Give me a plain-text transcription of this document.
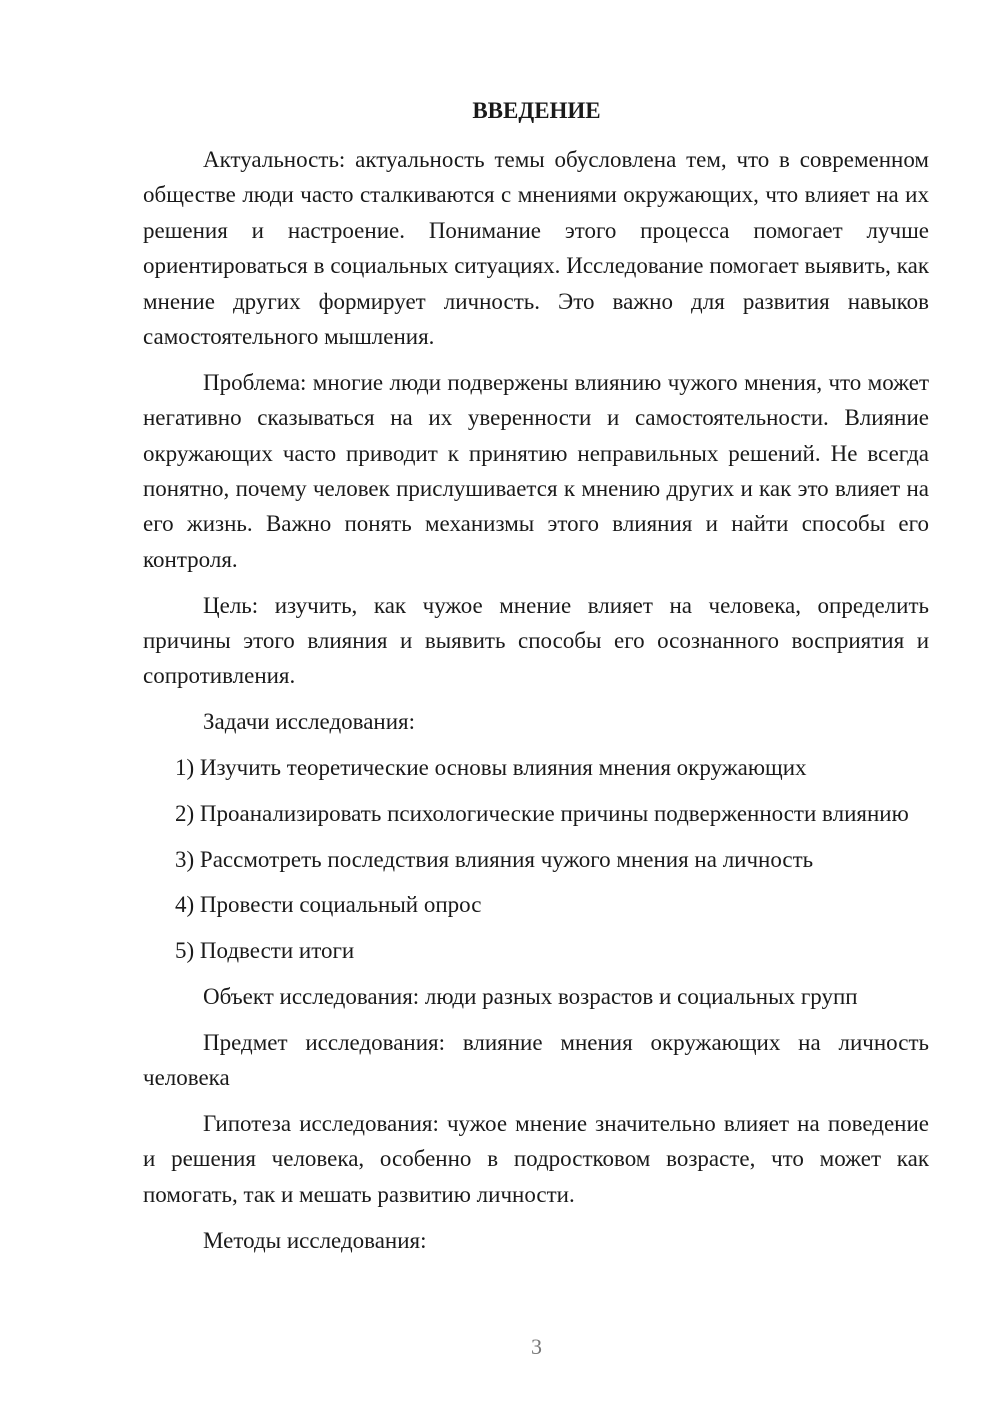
ВВЕДЕНИЕ

Актуальность: актуальность темы обусловлена тем, что в современном обществе люди часто сталкиваются с мнениями окружающих, что влияет на их решения и настроение. Понимание этого процесса помогает лучше ориентироваться в социальных ситуациях. Исследование помогает выявить, как мнение других формирует личность. Это важно для развития навыков самостоятельного мышления.

Проблема: многие люди подвержены влиянию чужого мнения, что может негативно сказываться на их уверенности и самостоятельности. Влияние окружающих часто приводит к принятию неправильных решений. Не всегда понятно, почему человек прислушивается к мнению других и как это влияет на его жизнь. Важно понять механизмы этого влияния и найти способы его контроля.

Цель: изучить, как чужое мнение влияет на человека, определить причины этого влияния и выявить способы его осознанного восприятия и сопротивления.

Задачи исследования:

1) Изучить теоретические основы влияния мнения окружающих

2) Проанализировать психологические причины подверженности влиянию

3) Рассмотреть последствия влияния чужого мнения на личность

4) Провести социальный опрос

5) Подвести итоги

Объект исследования: люди разных возрастов и социальных групп

Предмет исследования: влияние мнения окружающих на личность человека

Гипотеза исследования: чужое мнение значительно влияет на поведение и решения человека, особенно в подростковом возрасте, что может как помогать, так и мешать развитию личности.

Методы исследования:

3
